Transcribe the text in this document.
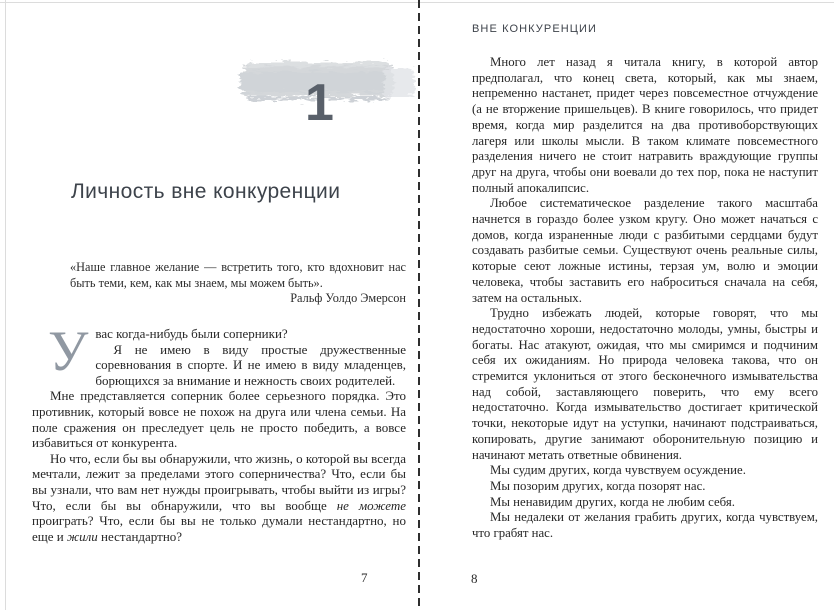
1
Личность вне конкуренции
«Наше главное желание — встретить того, кто вдохновит нас быть теми, кем, как мы знаем, мы можем быть».
Ральф Уолдо Эмерсон

Увас когда-нибудь были соперники?

Я не имею в виду простые дружественные соревнования в спорте. И не имею в виду младенцев, борющихся за внимание и нежность своих родителей.

Мне представляется соперник более серьезного порядка. Это противник, который вовсе не похож на друга или члена семьи. На поле сражения он преследует цель не просто победить, а вовсе избавиться от конкурента.

Но что, если бы вы обнаружили, что жизнь, о которой вы всегда мечтали, лежит за пределами этого соперничества? Что, если бы вы узнали, что вам нет нужды проигрывать, чтобы выйти из игры? Что, если бы вы обнаружили, что вы вообще не можете проиграть? Что, если бы вы не только думали нестандартно, но еще и жили нестандартно?

7
ВНЕ КОНКУРЕНЦИИ

Много лет назад я читала книгу, в которой автор предполагал, что конец света, который, как мы знаем, непременно настанет, придет через повсеместное отчуждение (а не вторжение пришельцев). В книге говорилось, что придет время, когда мир разделится на два противоборствующих лагеря или школы мысли. В таком климате повсеместного разделения ничего не стоит натравить враждующие группы друг на друга, чтобы они воевали до тех пор, пока не наступит полный апокалипсис.

Любое систематическое разделение такого масштаба начнется в гораздо более узком кругу. Оно может начаться с домов, когда израненные люди с разбитыми сердцами будут создавать разбитые семьи. Существуют очень реальные силы, которые сеют ложные истины, терзая ум, волю и эмоции человека, чтобы заставить его наброситься сначала на себя, затем на остальных.

Трудно избежать людей, которые говорят, что мы недостаточно хороши, недостаточно молоды, умны, быстры и богаты. Нас атакуют, ожидая, что мы смиримся и подчиним себя их ожиданиям. Но природа человека такова, что он стремится уклониться от этого бесконечного измывательства над собой, заставляющего поверить, что ему всего недостаточно. Когда измывательство достигает критической точки, некоторые идут на уступки, начинают подстраиваться, копировать, другие занимают оборонительную позицию и начинают метать ответные обвинения.

Мы судим других, когда чувствуем осуждение.

Мы позорим других, когда позорят нас.

Мы ненавидим других, когда не любим себя.

Мы недалеки от желания грабить других, когда чувствуем, что грабят нас.

8
